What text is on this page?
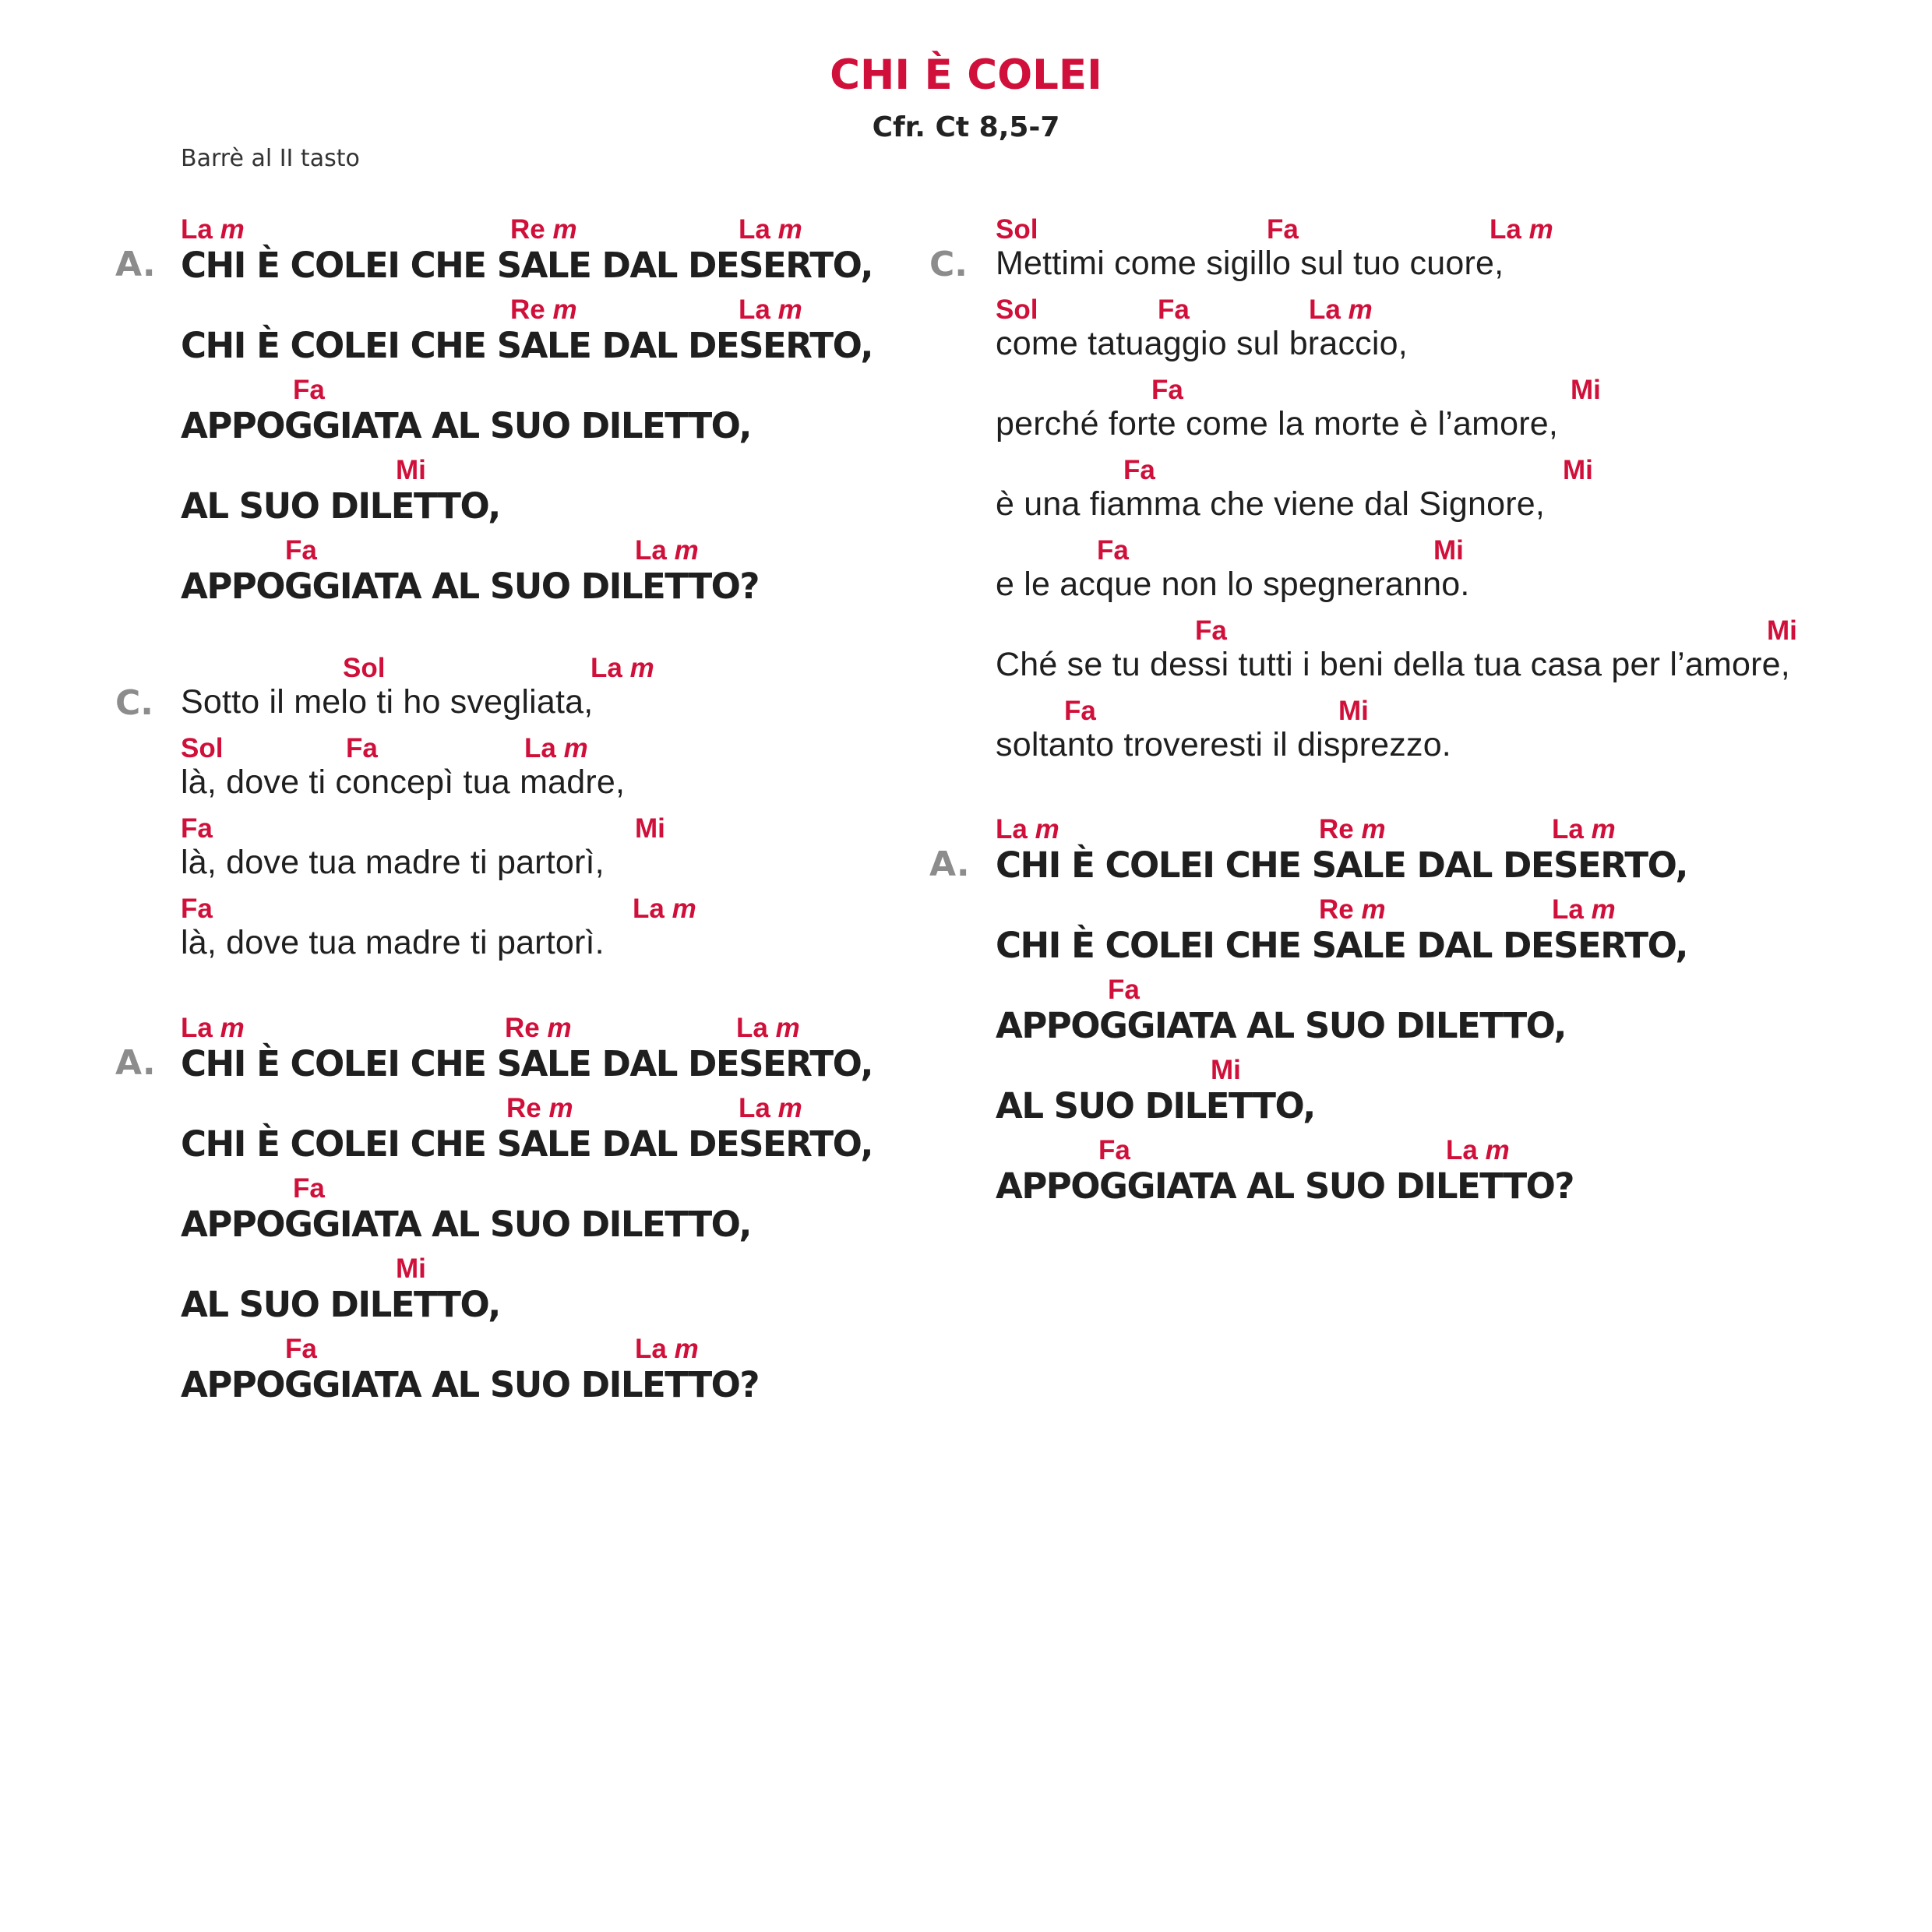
CHI È COLEI
Cfr. Ct 8,5-7
Barrè al II tasto
A. CHI È COLEI CHE SALE DAL DESERTO,
La m	Re m	La m
CHI È COLEI CHE SALE DAL DESERTO,
Re m	La m
APPOGGIATA AL SUO DILETTO,
Fa
AL SUO DILETTO,
Mi
APPOGGIATA AL SUO DILETTO?
Fa	La m
C. Sotto il melo ti ho svegliata,
Sol	La m
là, dove ti concepì tua madre,
Sol	Fa	La m
là, dove tua madre ti partorì,
Fa	Mi
là, dove tua madre ti partorì.
Fa	La m
A. CHI È COLEI CHE SALE DAL DESERTO,
La m	Re m	La m
CHI È COLEI CHE SALE DAL DESERTO,
Re m	La m
APPOGGIATA AL SUO DILETTO,
Fa
AL SUO DILETTO,
Mi
APPOGGIATA AL SUO DILETTO?
Fa	La m
C. Mettimi come sigillo sul tuo cuore,
Sol	Fa	La m
come tatuaggio sul braccio,
Sol	Fa	La m
perché forte come la morte è l’amore,
Fa	Mi
è una fiamma che viene dal Signore,
Fa	Mi
e le acque non lo spegneranno.
Fa	Mi
Ché se tu dessi tutti i beni della tua casa per l’amore,
Fa	Mi
soltanto troveresti il disprezzo.
Fa	Mi
A. CHI È COLEI CHE SALE DAL DESERTO,
La m	Re m	La m
CHI È COLEI CHE SALE DAL DESERTO,
Re m	La m
APPOGGIATA AL SUO DILETTO,
Fa
AL SUO DILETTO,
Mi
APPOGGIATA AL SUO DILETTO?
Fa	La m
